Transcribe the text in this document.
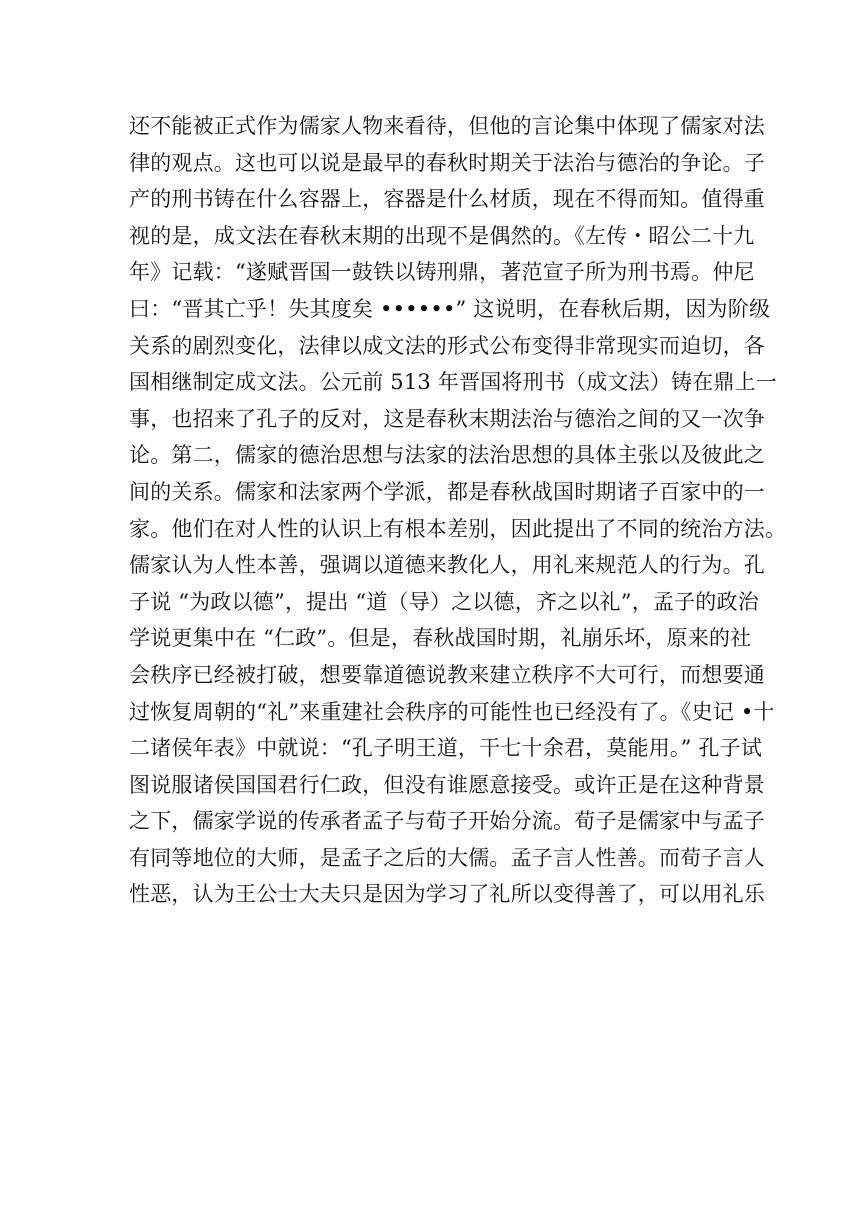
还不能被正式作为儒家人物来看待，但他的言论集中体现了儒家对法
律的观点。这也可以说是最早的春秋时期关于法治与德治的争论。子
产的刑书铸在什么容器上，容器是什么材质，现在不得而知。值得重
视的是，成文法在春秋末期的出现不是偶然的。《左传・昭公二十九
年》记载：“遂赋晋国一鼓铁以铸刑鼎，著范宣子所为刑书焉。仲尼
曰：“晋其亡乎！失其度矣 ••••••” 这说明，在春秋后期，因为阶级
关系的剧烈变化，法律以成文法的形式公布变得非常现实而迫切，各
国相继制定成文法。公元前 513 年晋国将刑书（成文法）铸在鼎上一
事，也招来了孔子的反对，这是春秋末期法治与德治之间的又一次争
论。第二，儒家的德治思想与法家的法治思想的具体主张以及彼此之
间的关系。儒家和法家两个学派，都是春秋战国时期诸子百家中的一
家。他们在对人性的认识上有根本差别，因此提出了不同的统治方法。
儒家认为人性本善，强调以道德来教化人，用礼来规范人的行为。孔
子说 “为政以德”，提出 “道（导）之以德，齐之以礼”，孟子的政治
学说更集中在 “仁政”。但是，春秋战国时期，礼崩乐坏，原来的社
会秩序已经被打破，想要靠道德说教来建立秩序不大可行，而想要通
过恢复周朝的“礼”来重建社会秩序的可能性也已经没有了。《史记 •十
二诸侯年表》中就说：“孔子明王道，干七十余君，莫能用。” 孔子试
图说服诸侯国国君行仁政，但没有谁愿意接受。或许正是在这种背景
之下，儒家学说的传承者孟子与荀子开始分流。荀子是儒家中与孟子
有同等地位的大师，是孟子之后的大儒。孟子言人性善。而荀子言人
性恶，认为王公士大夫只是因为学习了礼所以变得善了，可以用礼乐
